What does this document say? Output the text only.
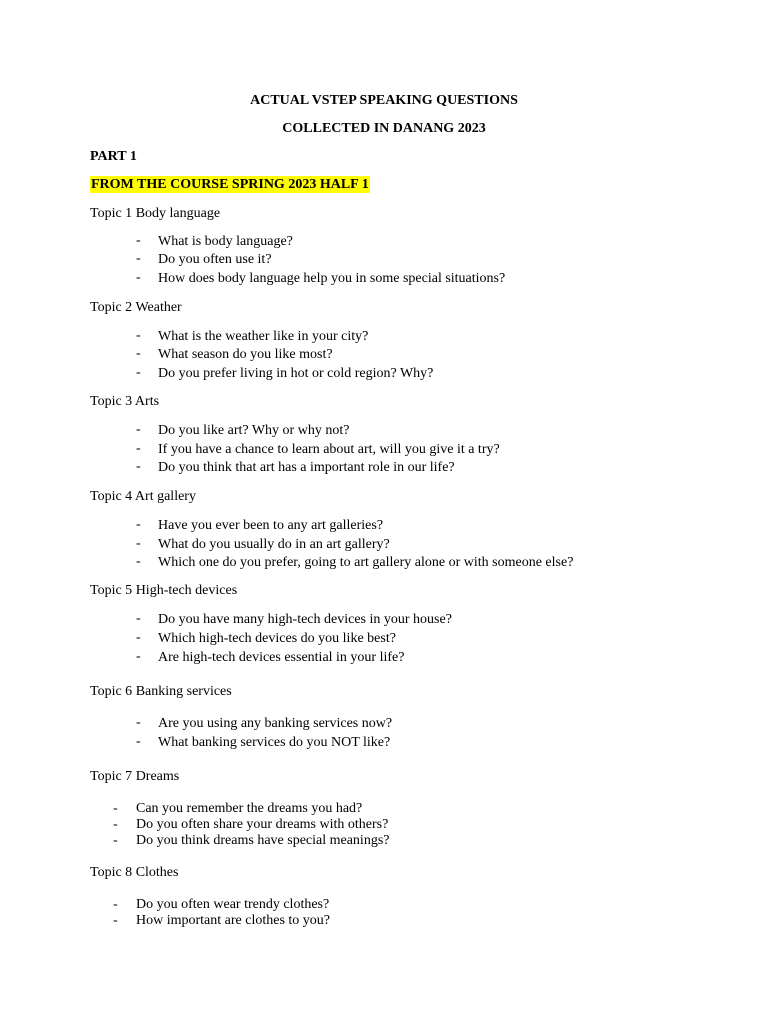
ACTUAL VSTEP SPEAKING QUESTIONS
COLLECTED IN DANANG 2023
PART 1
FROM THE COURSE SPRING 2023 HALF 1
Topic 1 Body language
- What is body language?
- Do you often use it?
- How does body language help you in some special situations?
Topic 2 Weather
- What is the weather like in your city?
- What season do you like most?
- Do you prefer living in hot or cold region? Why?
Topic 3 Arts
- Do you like art? Why or why not?
- If you have a chance to learn about art, will you give it a try?
- Do you think that art has a important role in our life?
Topic 4 Art gallery
- Have you ever been to any art galleries?
- What do you usually do in an art gallery?
- Which one do you prefer, going to art gallery alone or with someone else?
Topic 5 High-tech devices
- Do you have many high-tech devices in your house?
- Which high-tech devices do you like best?
- Are high-tech devices essential in your life?
Topic 6 Banking services
- Are you using any banking services now?
- What banking services do you NOT like?
Topic 7 Dreams
- Can you remember the dreams you had?
- Do you often share your dreams with others?
- Do you think dreams have special meanings?
Topic 8 Clothes
- Do you often wear trendy clothes?
- How important are clothes to you?
